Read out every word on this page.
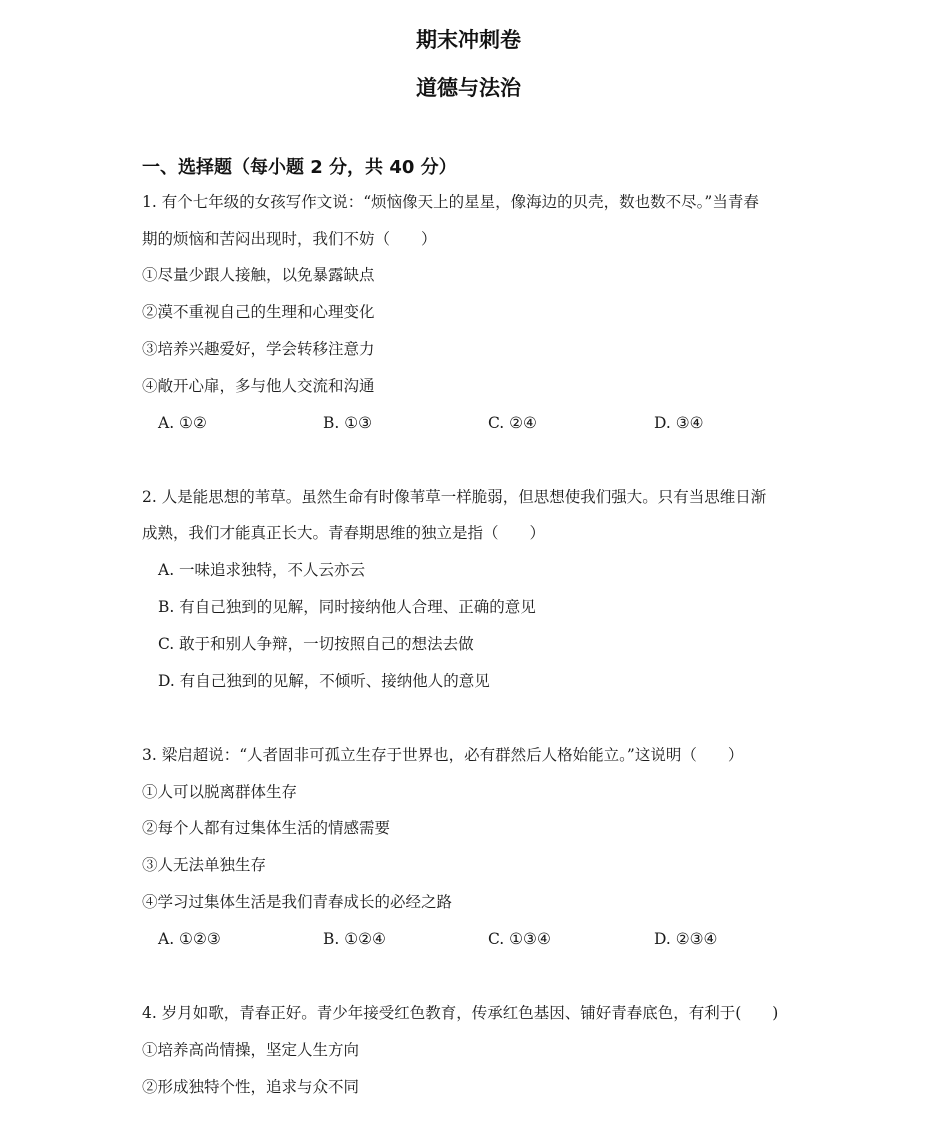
期末冲刺卷
道德与法治
一、选择题（每小题 2 分，共 40 分）
1. 有个七年级的女孩写作文说：“烦恼像天上的星星，像海边的贝壳，数也数不尽。”当青春
期的烦恼和苦闷出现时，我们不妨（　　）
①尽量少跟人接触，以免暴露缺点
②漠不重视自己的生理和心理变化
③培养兴趣爱好，学会转移注意力
④敞开心扉，多与他人交流和沟通
A. ①②	B. ①③	C. ②④	D. ③④
2. 人是能思想的苇草。虽然生命有时像苇草一样脆弱，但思想使我们强大。只有当思维日渐
成熟，我们才能真正长大。青春期思维的独立是指（　　）
A. 一味追求独特，不人云亦云
B. 有自己独到的见解，同时接纳他人合理、正确的意见
C. 敢于和别人争辩，一切按照自己的想法去做
D. 有自己独到的见解，不倾听、接纳他人的意见
3. 梁启超说：“人者固非可孤立生存于世界也，必有群然后人格始能立。”这说明（　　）
①人可以脱离群体生存
②每个人都有过集体生活的情感需要
③人无法单独生存
④学习过集体生活是我们青春成长的必经之路
A. ①②③	B. ①②④	C. ①③④	D. ②③④
4. 岁月如歌，青春正好。青少年接受红色教育，传承红色基因、铺好青春底色，有利于(　　)
①培养高尚情操，坚定人生方向
②形成独特个性，追求与众不同
